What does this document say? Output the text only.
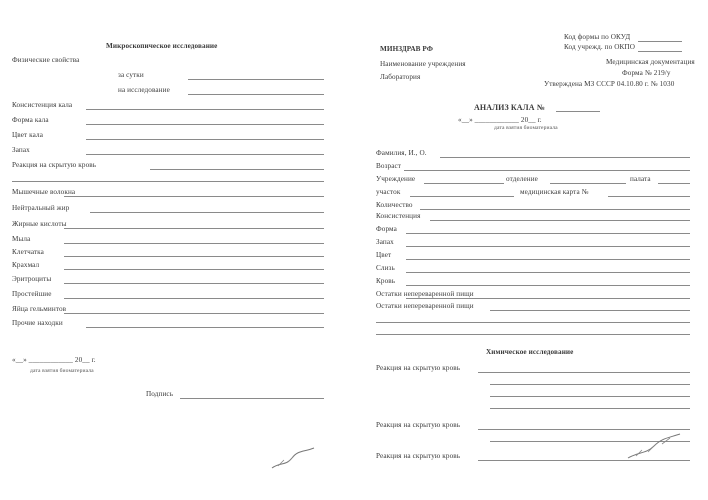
Микроскопическое исследование
Физические свойства
за сутки
на исследование
Консистенция кала
Форма кала
Цвет кала
Запах
Реакция на скрытую кровь
Мышечные волокна
Нейтральный жир
Жирные кислоты
Мыла
Клетчатка
Крахмал
Эритроциты
Простейшие
Яйца гельминтов
Прочие находки
«__» ____________ 20__ г.
дата взятия биоматериала
Подпись
МИНЗДРАВ РФ
Наименование учреждения
Лаборатория
Код формы по ОКУД
Код учрежд. по ОКПО
Медицинская документация
Форма № 219/у
Утверждена МЗ СССР 04.10.80 г. № 1030
АНАЛИЗ КАЛА №
«__» ____________ 20__ г.
дата взятия биоматериала
Фамилия, И., О.
Возраст
Учреждение	отделение	палата
участок	медицинская карта №
Количество
Консистенция
Форма
Запах
Цвет
Слизь
Кровь
Остатки непереваренной пищи
Остатки непереваренной пищи
Химическое исследование
Реакция на скрытую кровь
Реакция на скрытую кровь
Реакция на скрытую кровь
